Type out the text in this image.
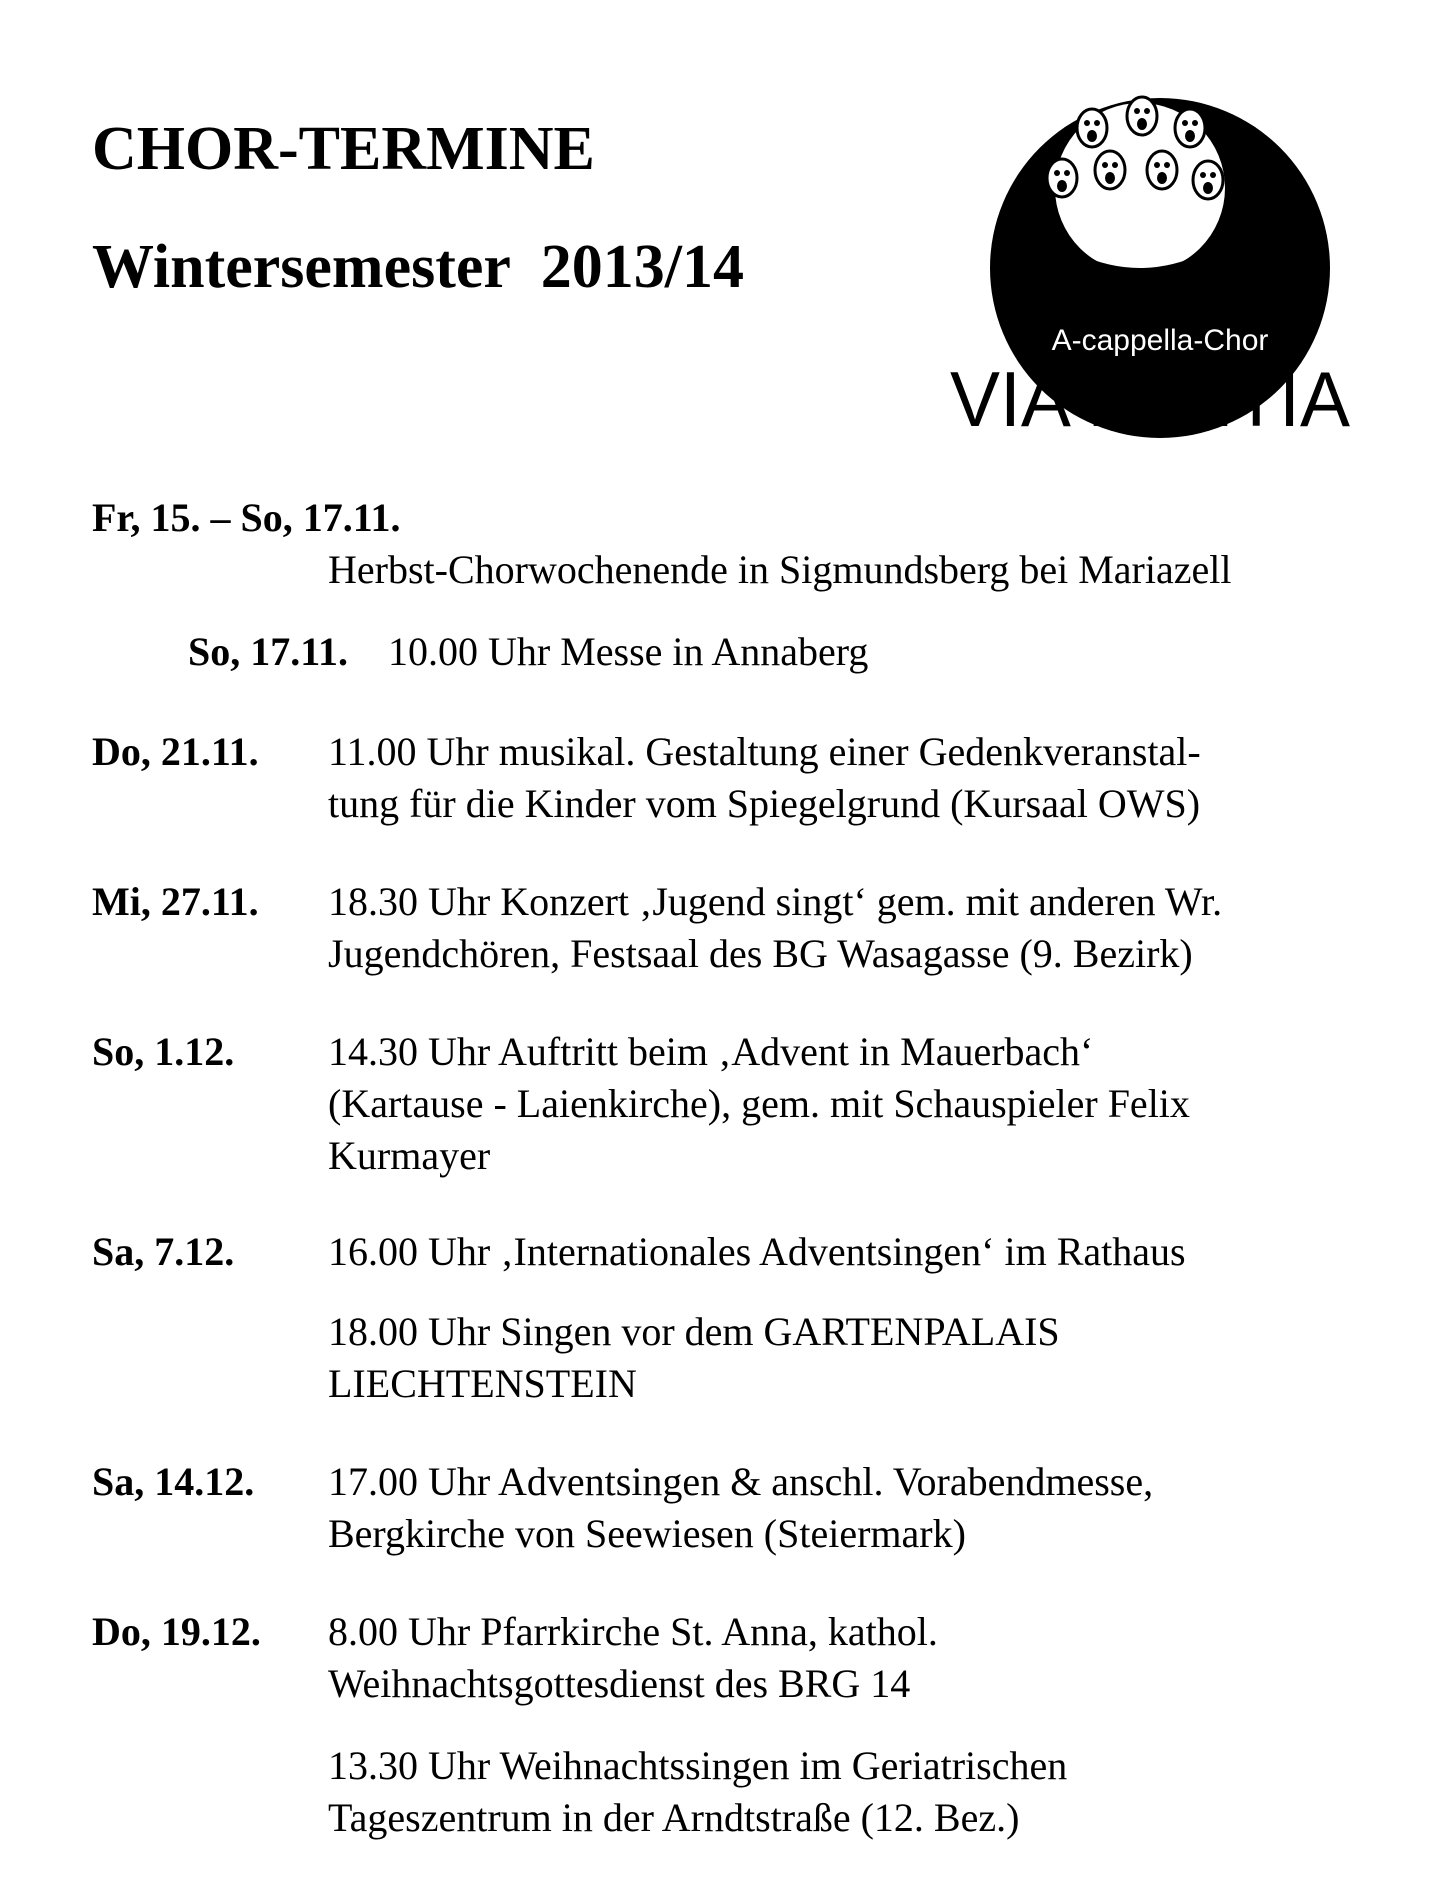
CHOR-TERMINE
Wintersemester  2013/14
A-cappella-Chor
VIA LENTIA
Fr, 15. – So, 17.11.
Herbst-Chorwochenende in Sigmundsberg bei Mariazell
So, 17.11. 10.00 Uhr Messe in Annaberg
Do, 21.11. 11.00 Uhr musikal. Gestaltung einer Gedenkveranstal-
tung für die Kinder vom Spiegelgrund (Kursaal OWS)
Mi, 27.11. 18.30 Uhr Konzert ‚Jugend singt‘ gem. mit anderen Wr.
Jugendchören, Festsaal des BG Wasagasse (9. Bezirk)
So, 1.12. 14.30 Uhr Auftritt beim ‚Advent in Mauerbach‘
(Kartause - Laienkirche), gem. mit Schauspieler Felix
Kurmayer
Sa, 7.12. 16.00 Uhr ‚Internationales Adventsingen‘ im Rathaus
18.00 Uhr Singen vor dem GARTENPALAIS
LIECHTENSTEIN
Sa, 14.12. 17.00 Uhr Adventsingen & anschl. Vorabendmesse,
Bergkirche von Seewiesen (Steiermark)
Do, 19.12. 8.00 Uhr Pfarrkirche St. Anna, kathol.
Weihnachtsgottesdienst des BRG 14
13.30 Uhr Weihnachtssingen im Geriatrischen
Tageszentrum in der Arndtstraße (12. Bez.)
